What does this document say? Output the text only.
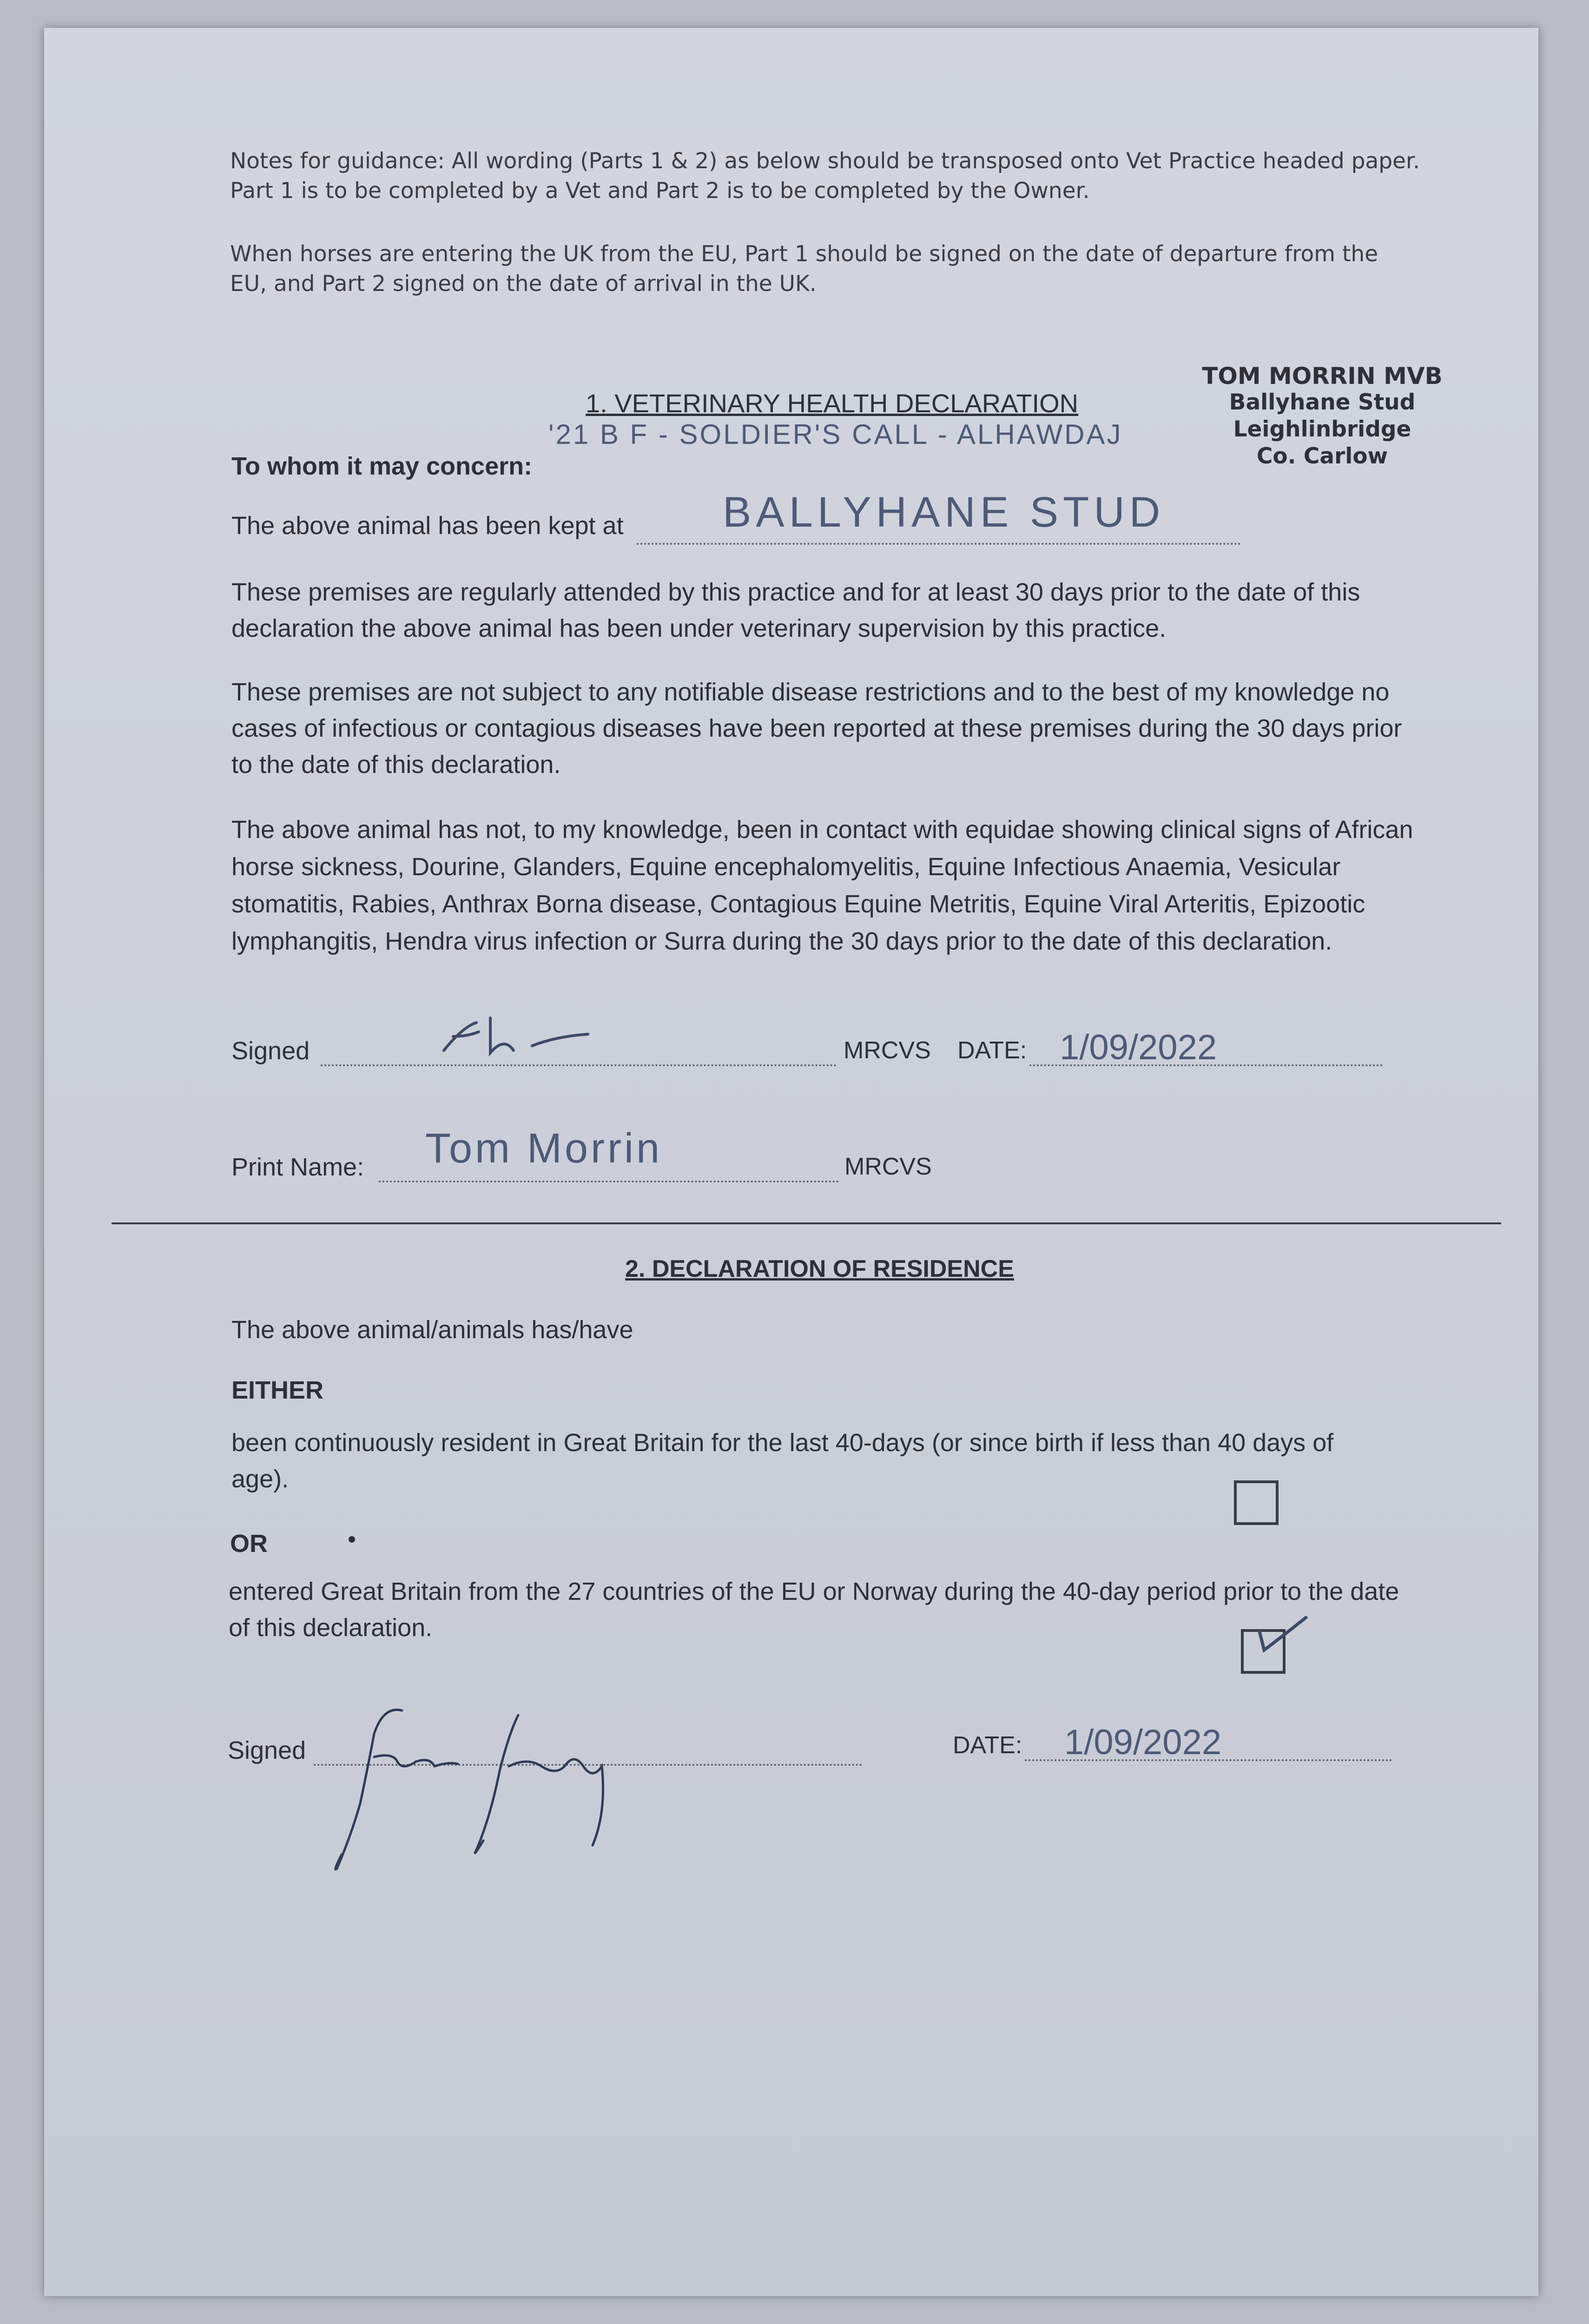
Notes for guidance: All wording (Parts 1 & 2) as below should be transposed onto Vet Practice headed paper. Part 1 is to be completed by a Vet and Part 2 is to be completed by the Owner.
When horses are entering the UK from the EU, Part 1 should be signed on the date of departure from the EU, and Part 2 signed on the date of arrival in the UK.
TOM MORRIN MVB
Ballyhane Stud
Leighlinbridge
Co. Carlow
1. VETERINARY HEALTH DECLARATION
'21 B F - SOLDIER'S CALL - ALHAWDAJ
To whom it may concern:
The above animal has been kept at BALLYHANE STUD
These premises are regularly attended by this practice and for at least 30 days prior to the date of this declaration the above animal has been under veterinary supervision by this practice.
These premises are not subject to any notifiable disease restrictions and to the best of my knowledge no cases of infectious or contagious diseases have been reported at these premises during the 30 days prior to the date of this declaration.
The above animal has not, to my knowledge, been in contact with equidae showing clinical signs of African horse sickness, Dourine, Glanders, Equine encephalomyelitis, Equine Infectious Anaemia, Vesicular stomatitis, Rabies, Anthrax Borna disease, Contagious Equine Metritis, Equine Viral Arteritis, Epizootic lymphangitis, Hendra virus infection or Surra during the 30 days prior to the date of this declaration.
Signed	MRCVS DATE: 1/09/2022
Print Name: Tom Morrin	MRCVS
2. DECLARATION OF RESIDENCE
The above animal/animals has/have
EITHER
been continuously resident in Great Britain for the last 40-days (or since birth if less than 40 days of age).
OR
entered Great Britain from the 27 countries of the EU or Norway during the 40-day period prior to the date of this declaration.
Signed	DATE: 1/09/2022
